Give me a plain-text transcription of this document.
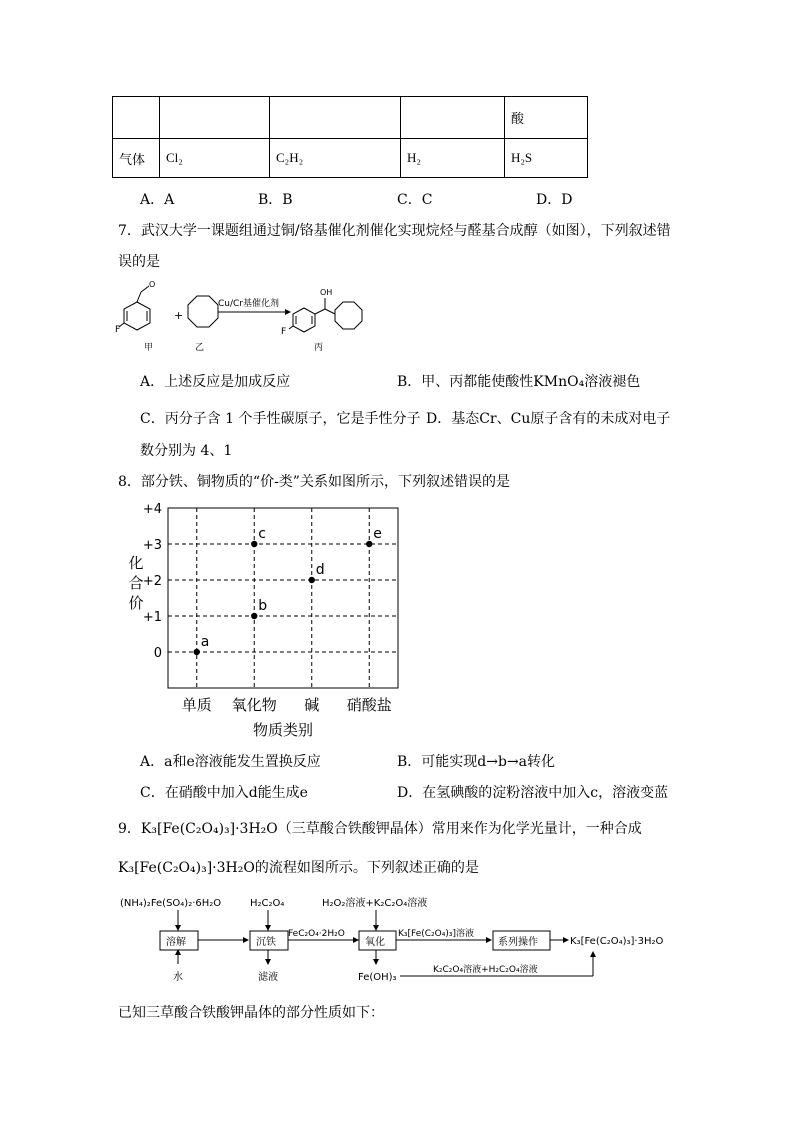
				酸
气体	Cl₂	C₂H₂	H₂	H₂S
A．A	B．B	C．C	D．D
7．武汉大学一课题组通过铜/铬基催化剂催化实现烷烃与醛基合成醇（如图），下列叙述错
误的是
O
F
甲
+
乙
Cu/Cr基催化剂
OH
F
丙
A．上述反应是加成反应	B．甲、丙都能使酸性KMnO₄溶液褪色
C．丙分子含 1 个手性碳原子，它是手性分子 D．基态Cr、Cu原子含有的未成对电子
数分别为 4、1
8．部分铁、铜物质的“价-类”关系如图所示，下列叙述错误的是
0
+1
+2
+3
+4
单质 氧化物 碱 硝酸盐
物质类别
化
合
价
a
b
c
d
e
A．a和e溶液能发生置换反应	B．可能实现d→b→a转化
C．在硝酸中加入d能生成e	D．在氢碘酸的淀粉溶液中加入c，溶液变蓝
9．K₃[Fe(C₂O₄)₃]·3H₂O（三草酸合铁酸钾晶体）常用来作为化学光量计，一种合成
K₃[Fe(C₂O₄)₃]·3H₂O的流程如图所示。下列叙述正确的是
(NH₄)₂Fe(SO₄)₂·6H₂O
溶解
水
H₂C₂O₄
沉铁
滤液
FeC₂O₄·2H₂O
H₂O₂溶液+K₂C₂O₄溶液
氧化
Fe(OH)₃
K₃[Fe(C₂O₄)₃]溶液
系列操作	K₃[Fe(C₂O₄)₃]·3H₂O
K₂C₂O₄溶液+H₂C₂O₄溶液
已知三草酸合铁酸钾晶体的部分性质如下：
